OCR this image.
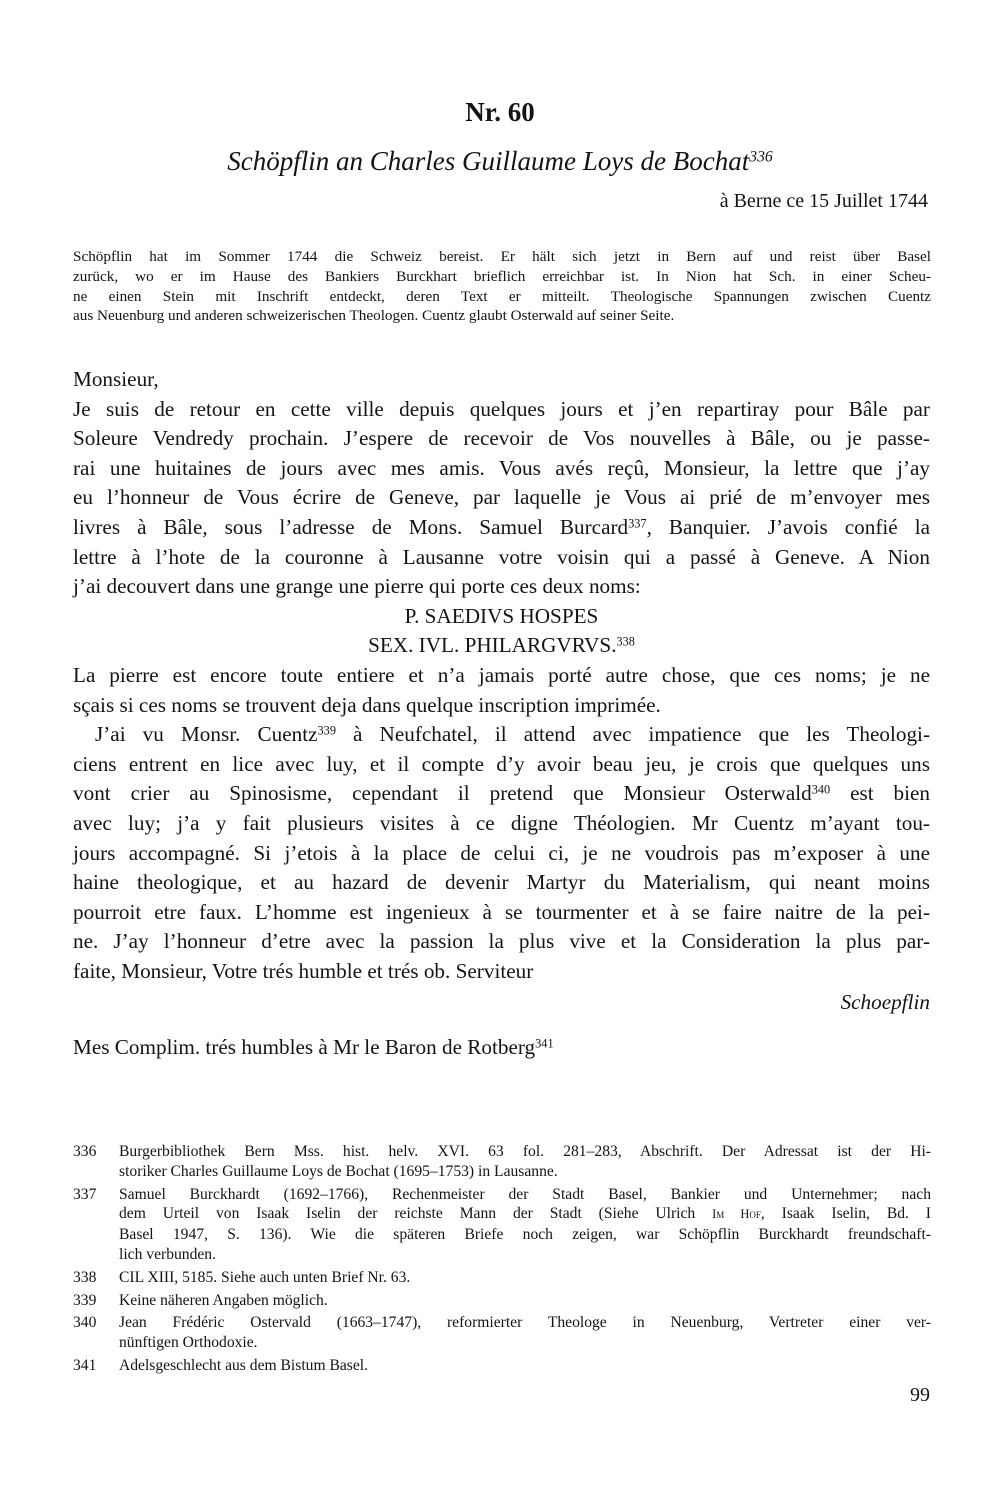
Nr. 60
Schöpflin an Charles Guillaume Loys de Bochat$^{336}$
à Berne ce 15 Juillet 1744
Schöpflin hat im Sommer 1744 die Schweiz bereist. Er hält sich jetzt in Bern auf und reist über Basel
zurück, wo er im Hause des Bankiers Burckhart brieflich erreichbar ist. In Nion hat Sch. in einer Scheu-
ne einen Stein mit Inschrift entdeckt, deren Text er mitteilt. Theologische Spannungen zwischen Cuentz
aus Neuenburg und anderen schweizerischen Theologen. Cuentz glaubt Osterwald auf seiner Seite.
Monsieur,
Je suis de retour en cette ville depuis quelques jours et j’en repartiray pour Bâle par
Soleure Vendredy prochain. J’espere de recevoir de Vos nouvelles à Bâle, ou je passe-
rai une huitaines de jours avec mes amis. Vous avés reçû, Monsieur, la lettre que j’ay
eu l’honneur de Vous écrire de Geneve, par laquelle je Vous ai prié de m’envoyer mes
livres à Bâle, sous l’adresse de Mons. Samuel Burcard$^{337}$, Banquier. J’avois confié la
lettre à l’hote de la couronne à Lausanne votre voisin qui a passé à Geneve. A Nion
j’ai decouvert dans une grange une pierre qui porte ces deux noms:
P. SAEDIVS HOSPES
SEX. IVL. PHILARGVRVS.$^{338}$
La pierre est encore toute entiere et n’a jamais porté autre chose, que ces noms; je ne
sçais si ces noms se trouvent deja dans quelque inscription imprimée.
J’ai vu Monsr. Cuentz$^{339}$ à Neufchatel, il attend avec impatience que les Theologi-
ciens entrent en lice avec luy, et il compte d’y avoir beau jeu, je crois que quelques uns
vont crier au Spinosisme, cependant il pretend que Monsieur Osterwald$^{340}$ est bien
avec luy; j’a y fait plusieurs visites à ce digne Théologien. Mr Cuentz m’ayant tou-
jours accompagné. Si j’etois à la place de celui ci, je ne voudrois pas m’exposer à une
haine theologique, et au hazard de devenir Martyr du Materialism, qui neant moins
pourroit etre faux. L’homme est ingenieux à se tourmenter et à se faire naitre de la pei-
ne. J’ay l’honneur d’etre avec la passion la plus vive et la Consideration la plus par-
faite, Monsieur, Votre trés humble et trés ob. Serviteur
Schoepflin
Mes Complim. trés humbles à Mr le Baron de Rotberg$^{341}$
336 Burgerbibliothek Bern Mss. hist. helv. XVI. 63 fol. 281–283, Abschrift. Der Adressat ist der Hi-
storiker Charles Guillaume Loys de Bochat (1695–1753) in Lausanne.
337 Samuel Burckhardt (1692–1766), Rechenmeister der Stadt Basel, Bankier und Unternehmer; nach
dem Urteil von Isaak Iselin der reichste Mann der Stadt (Siehe Ulrich Im Hof, Isaak Iselin, Bd. I
Basel 1947, S. 136). Wie die späteren Briefe noch zeigen, war Schöpflin Burckhardt freundschaft-
lich verbunden.
338 CIL XIII, 5185. Siehe auch unten Brief Nr. 63.
339 Keine näheren Angaben möglich.
340 Jean Frédéric Ostervald (1663–1747), reformierter Theologe in Neuenburg, Vertreter einer ver-
nünftigen Orthodoxie.
341 Adelsgeschlecht aus dem Bistum Basel.
99
